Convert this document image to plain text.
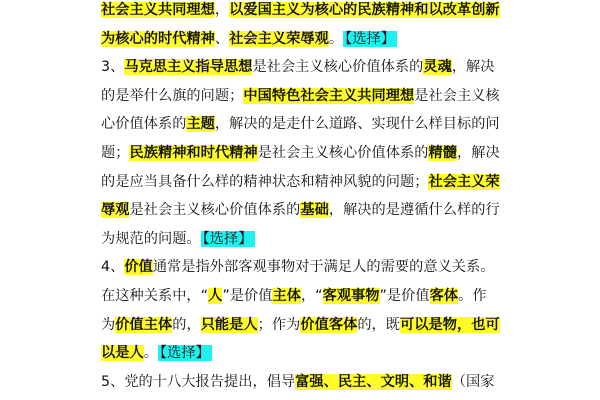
社会主义共同理想，以爱国主义为核心的民族精神和以改革创新
为核心的时代精神、社会主义荣辱观。 【选择】
3、马克思主义指导思想是社会主义核心价值体系的灵魂，解决
的是举什么旗的问题；中国特色社会主义共同理想是社会主义核
心价值体系的主题，解决的是走什么道路、实现什么样目标的问
题；民族精神和时代精神是社会主义核心价值体系的精髓，解决
的是应当具备什么样的精神状态和精神风貌的问题；社会主义荣
辱观是社会主义核心价值体系的基础，解决的是遵循什么样的行
为规范的问题。 【选择】
4、价值通常是指外部客观事物对于满足人的需要的意义关系。
在这种关系中，“人”是价值主体，“客观事物”是价值客体。作
为价值主体的，只能是人；作为价值客体的，既可以是物，也可
以是人。 【选择】
5、党的十八大报告提出，倡导富强、民主、文明、和谐（国家
